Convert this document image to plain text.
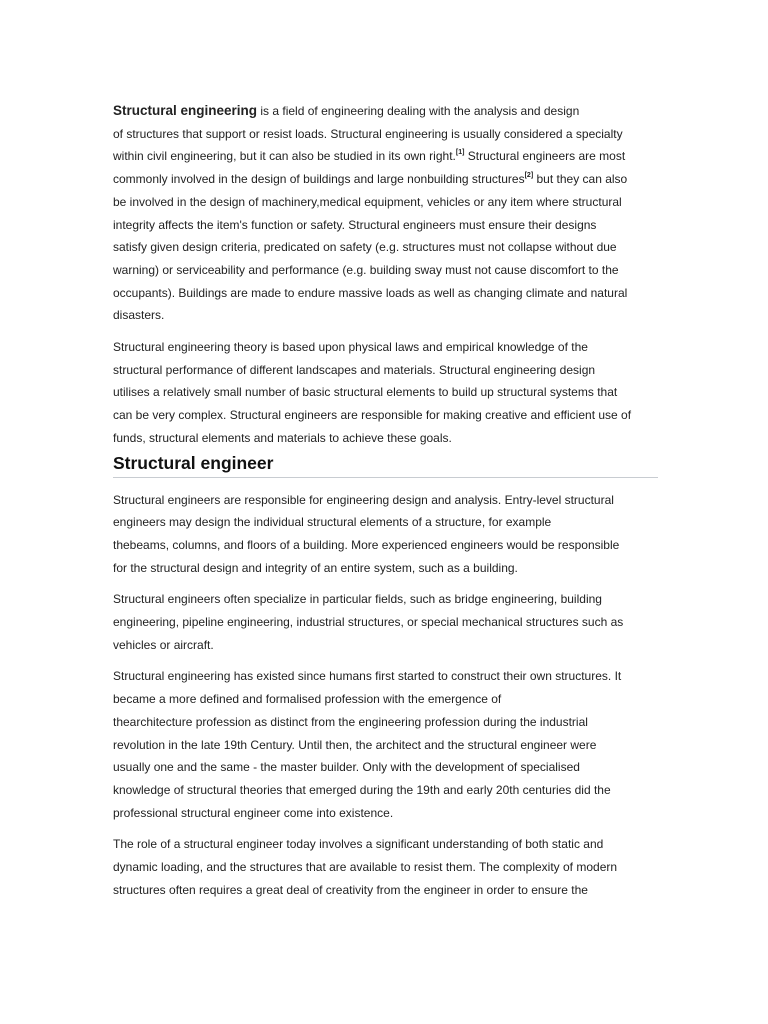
Structural engineering is a field of engineering dealing with the analysis and design
of structures that support or resist loads. Structural engineering is usually considered a specialty
within civil engineering, but it can also be studied in its own right.[1] Structural engineers are most
commonly involved in the design of buildings and large nonbuilding structures[2] but they can also
be involved in the design of machinery,medical equipment, vehicles or any item where structural
integrity affects the item's function or safety. Structural engineers must ensure their designs
satisfy given design criteria, predicated on safety (e.g. structures must not collapse without due
warning) or serviceability and performance (e.g. building sway must not cause discomfort to the
occupants). Buildings are made to endure massive loads as well as changing climate and natural
disasters.

Structural engineering theory is based upon physical laws and empirical knowledge of the
structural performance of different landscapes and materials. Structural engineering design
utilises a relatively small number of basic structural elements to build up structural systems that
can be very complex. Structural engineers are responsible for making creative and efficient use of
funds, structural elements and materials to achieve these goals.

Structural engineer

Structural engineers are responsible for engineering design and analysis. Entry-level structural
engineers may design the individual structural elements of a structure, for example
thebeams, columns, and floors of a building. More experienced engineers would be responsible
for the structural design and integrity of an entire system, such as a building.

Structural engineers often specialize in particular fields, such as bridge engineering, building
engineering, pipeline engineering, industrial structures, or special mechanical structures such as
vehicles or aircraft.

Structural engineering has existed since humans first started to construct their own structures. It
became a more defined and formalised profession with the emergence of
thearchitecture profession as distinct from the engineering profession during the industrial
revolution in the late 19th Century. Until then, the architect and the structural engineer were
usually one and the same - the master builder. Only with the development of specialised
knowledge of structural theories that emerged during the 19th and early 20th centuries did the
professional structural engineer come into existence.

The role of a structural engineer today involves a significant understanding of both static and
dynamic loading, and the structures that are available to resist them. The complexity of modern
structures often requires a great deal of creativity from the engineer in order to ensure the
